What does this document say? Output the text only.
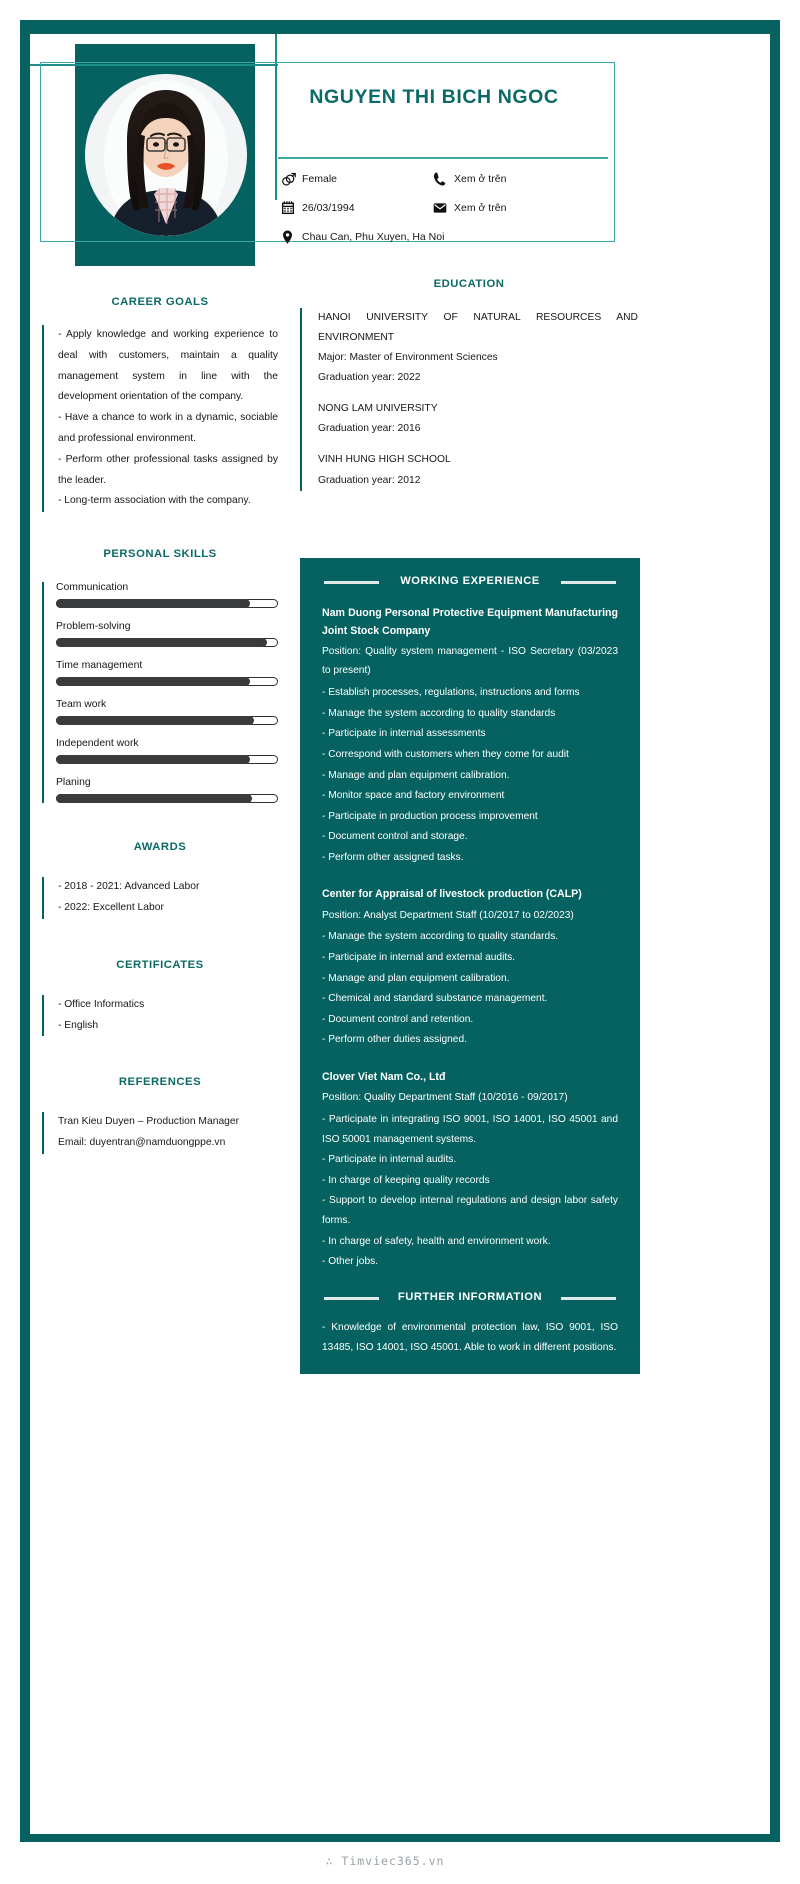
NGUYEN THI BICH NGOC
Female	Xem ở trên
26/03/1994	Xem ở trên
Chau Can, Phu Xuyen, Ha Noi
CAREER GOALS
- Apply knowledge and working experience to deal with customers, maintain a quality management system in line with the development orientation of the company.
- Have a chance to work in a dynamic, sociable and professional environment.
- Perform other professional tasks assigned by the leader.
- Long-term association with the company.
PERSONAL SKILLS
Communication
Problem-solving
Time management
Team work
Independent work
Planing
AWARDS
- 2018 - 2021: Advanced Labor
- 2022: Excellent Labor
CERTIFICATES
- Office Informatics
- English
REFERENCES
Tran Kieu Duyen – Production Manager
Email: duyentran@namduongppe.vn
EDUCATION
HANOI UNIVERSITY OF NATURAL RESOURCES AND ENVIRONMENT
Major: Master of Environment Sciences
Graduation year: 2022
NONG LAM UNIVERSITY
Graduation year: 2016
VINH HUNG HIGH SCHOOL
Graduation year: 2012
WORKING EXPERIENCE
Nam Duong Personal Protective Equipment Manufacturing Joint Stock Company
Position: Quality system management - ISO Secretary (03/2023 to present)
- Establish processes, regulations, instructions and forms
- Manage the system according to quality standards
- Participate in internal assessments
- Correspond with customers when they come for audit
- Manage and plan equipment calibration.
- Monitor space and factory environment
- Participate in production process improvement
- Document control and storage.
- Perform other assigned tasks.
Center for Appraisal of livestock production (CALP)
Position: Analyst Department Staff (10/2017 to 02/2023)
- Manage the system according to quality standards.
- Participate in internal and external audits.
- Manage and plan equipment calibration.
- Chemical and standard substance management.
- Document control and retention.
- Perform other duties assigned.
Clover Viet Nam Co., Ltđ
Position: Quality Department Staff (10/2016 - 09/2017)
- Participate in integrating ISO 9001, ISO 14001, ISO 45001 and ISO 50001 management systems.
- Participate in internal audits.
- In charge of keeping quality records
- Support to develop internal regulations and design labor safety forms.
- In charge of safety, health and environment work.
- Other jobs.
FURTHER INFORMATION
- Knowledge of environmental protection law, ISO 9001, ISO 13485, ISO 14001, ISO 45001. Able to work in different positions.
∴ Timviec365.vn
